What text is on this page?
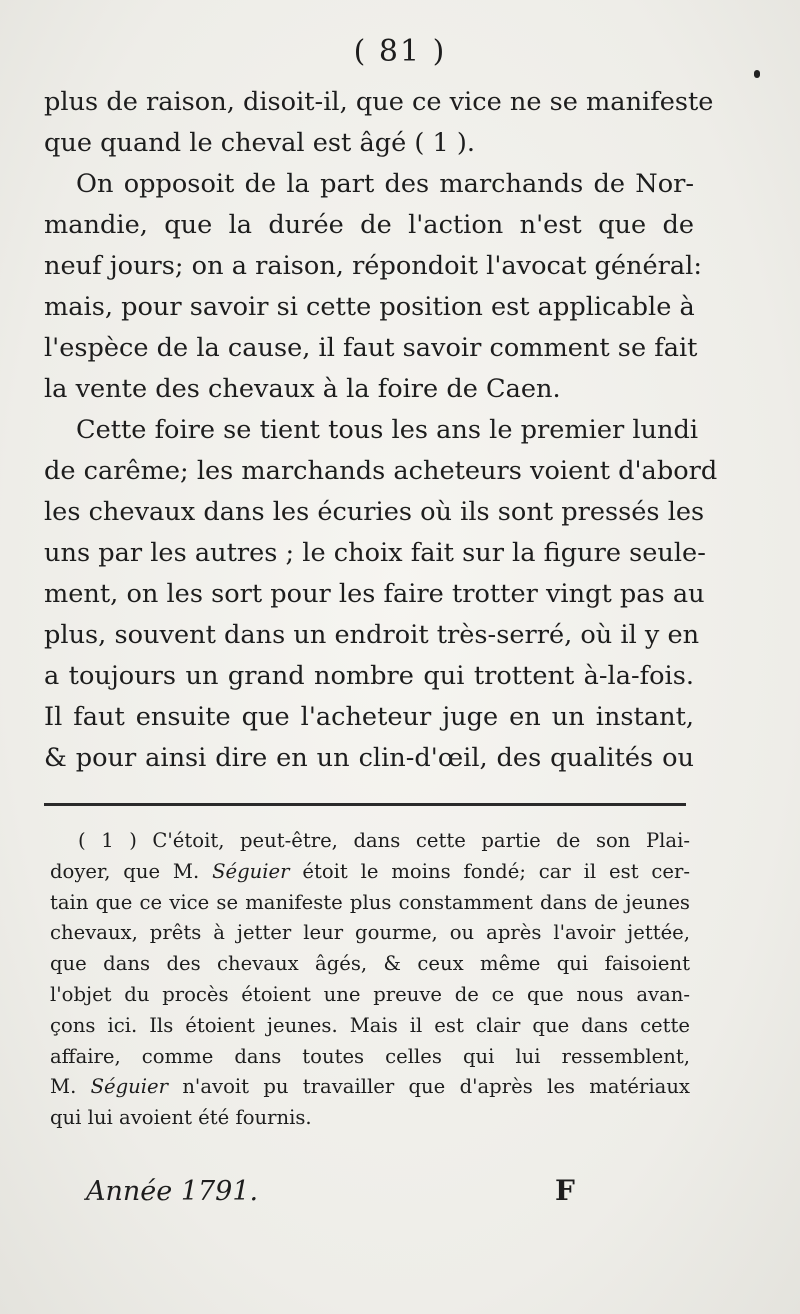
( 81 )

plus de raison, disoit-il, que ce vice ne se manifeste
que quand le cheval est âgé ( 1 ).

On opposoit de la part des marchands de Nor-
mandie, que la durée de l'action n'est que de
neuf jours; on a raison, répondoit l'avocat général:
mais, pour savoir si cette position est applicable à
l'espèce de la cause, il faut savoir comment se fait
la vente des chevaux à la foire de Caen.

Cette foire se tient tous les ans le premier lundi
de carême; les marchands acheteurs voient d'abord
les chevaux dans les écuries où ils sont pressés les
uns par les autres ; le choix fait sur la figure seule-
ment, on les sort pour les faire trotter vingt pas au
plus, souvent dans un endroit très-serré, où il y en
a toujours un grand nombre qui trottent à-la-fois.
Il faut ensuite que l'acheteur juge en un instant,
& pour ainsi dire en un clin-d'œil, des qualités ou

( 1 ) C'étoit, peut-être, dans cette partie de son Plai-
doyer, que M. Séguier étoit le moins fondé; car il est cer-
tain que ce vice se manifeste plus constamment dans de jeunes
chevaux, prêts à jetter leur gourme, ou après l'avoir jettée,
que dans des chevaux âgés, & ceux même qui faisoient
l'objet du procès étoient une preuve de ce que nous avan-
çons ici. Ils étoient jeunes. Mais il est clair que dans cette
affaire, comme dans toutes celles qui lui ressemblent,
M. Séguier n'avoit pu travailler que d'après les matériaux
qui lui avoient été fournis.
Année 1791.	F
